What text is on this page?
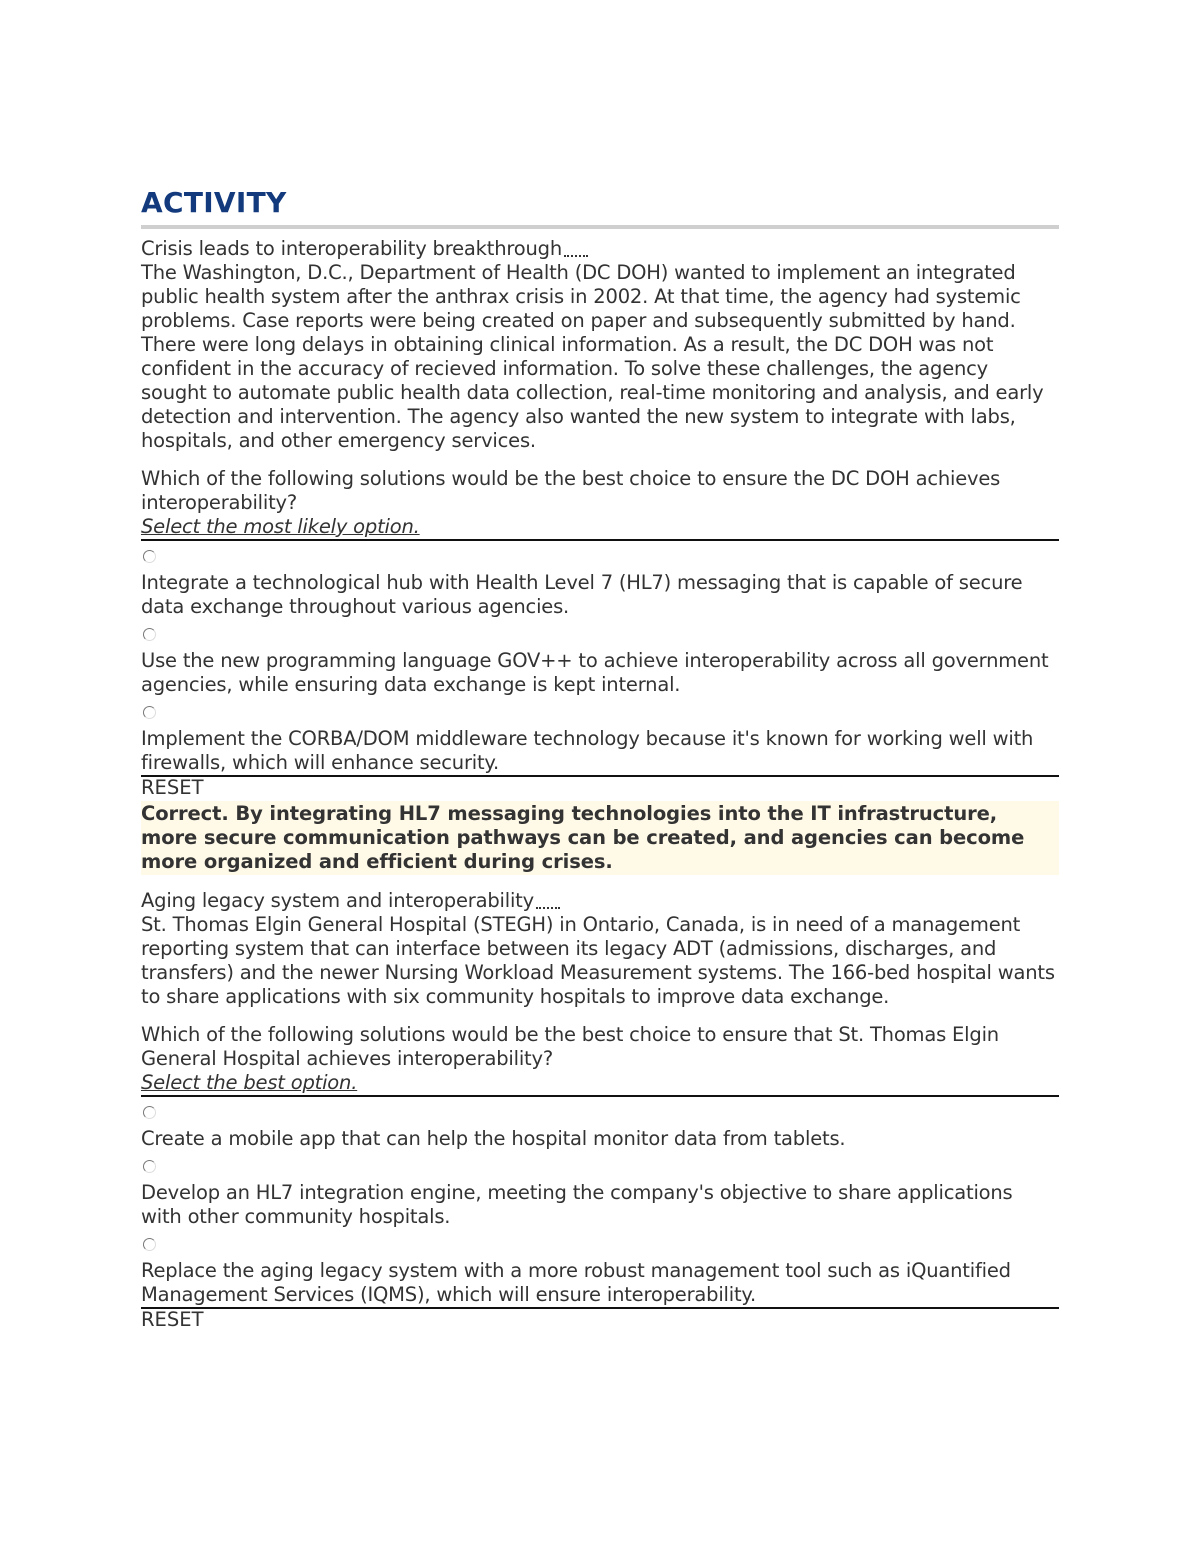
ACTIVITY

Crisis leads to interoperability breakthrough

The Washington, D.C., Department of Health (DC DOH) wanted to implement an integrated public health system after the anthrax crisis in 2002. At that time, the agency had systemic problems. Case reports were being created on paper and subsequently submitted by hand. There were long delays in obtaining clinical information. As a result, the DC DOH was not confident in the accuracy of recieved information. To solve these challenges, the agency sought to automate public health data collection, real-time monitoring and analysis, and early detection and intervention. The agency also wanted the new system to integrate with labs, hospitals, and other emergency services.

Which of the following solutions would be the best choice to ensure the DC DOH achieves interoperability?

Select the most likely option.

Integrate a technological hub with Health Level 7 (HL7) messaging that is capable of secure data exchange throughout various agencies.

Use the new programming language GOV++ to achieve interoperability across all government agencies, while ensuring data exchange is kept internal.

Implement the CORBA/DOM middleware technology because it's known for working well with firewalls, which will enhance security.

RESET

Correct. By integrating HL7 messaging technologies into the IT infrastructure, more secure communication pathways can be created, and agencies can become more organized and efficient during crises.

Aging legacy system and interoperability

St. Thomas Elgin General Hospital (STEGH) in Ontario, Canada, is in need of a management reporting system that can interface between its legacy ADT (admissions, discharges, and transfers) and the newer Nursing Workload Measurement systems. The 166-bed hospital wants to share applications with six community hospitals to improve data exchange.

Which of the following solutions would be the best choice to ensure that St. Thomas Elgin General Hospital achieves interoperability?

Select the best option.

Create a mobile app that can help the hospital monitor data from tablets.

Develop an HL7 integration engine, meeting the company's objective to share applications with other community hospitals.

Replace the aging legacy system with a more robust management tool such as iQuantified Management Services (IQMS), which will ensure interoperability.

RESET
